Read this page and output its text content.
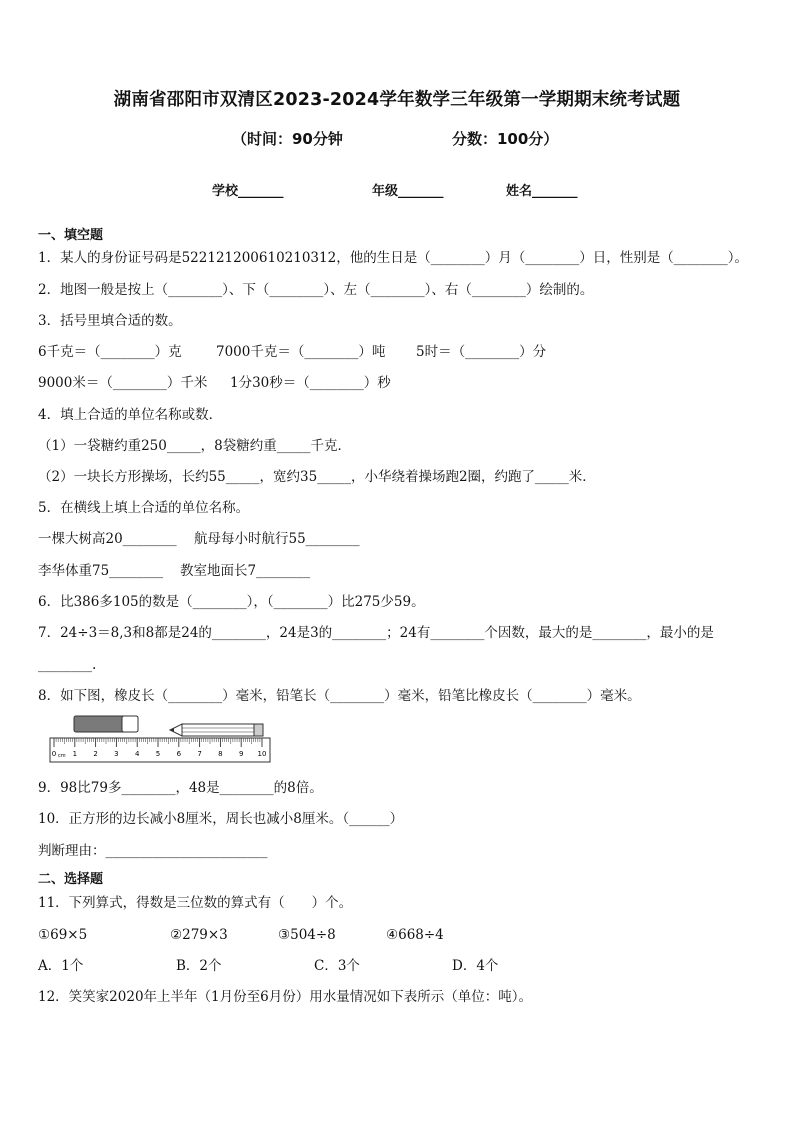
湖南省邵阳市双清区2023-2024学年数学三年级第一学期期末统考试题
（时间：90分钟	分数：100分）
学校_______	年级_______	姓名_______
一、填空题
1．某人的身份证号码是522121200610210312，他的生日是（________）月（________）日，性别是（________）。
2．地图一般是按上（________）、下（________）、左（________）、右（________）绘制的。
3．括号里填合适的数。
6千克＝（________）克	7000千克＝（________）吨 5时＝（________）分
9000米＝（________）千米 1分30秒＝（________）秒
4．填上合适的单位名称或数．
（1）一袋糖约重250_____，8袋糖约重_____千克．
（2）一块长方形操场，长约55_____，宽约35_____，小华绕着操场跑2圈，约跑了_____米．
5．在横线上填上合适的单位名称。
一棵大树高20________ 航母每小时航行55________
李华体重75________ 教室地面长7________
6．比386多105的数是（________），（________）比275少59。
7．24÷3＝8,3和8都是24的________，24是3的________；24有________个因数，最大的是________，最小的是
________.
8．如下图，橡皮长（________）毫米，铅笔长（________）毫米，铅笔比橡皮长（________）毫米。
0 1 2 3 4 5 6 7 8 9 10
cm
9．98比79多________，48是________的8倍。
10．正方形的边长减小8厘米，周长也减小8厘米。（______）
判断理由：________________________
二、选择题
11．下列算式，得数是三位数的算式有（　　）个。
①69×5	②279×3	③504÷8	④668÷4
A．1个	B．2个	C．3个	D．4个
12．笑笑家2020年上半年（1月份至6月份）用水量情况如下表所示（单位：吨）。
